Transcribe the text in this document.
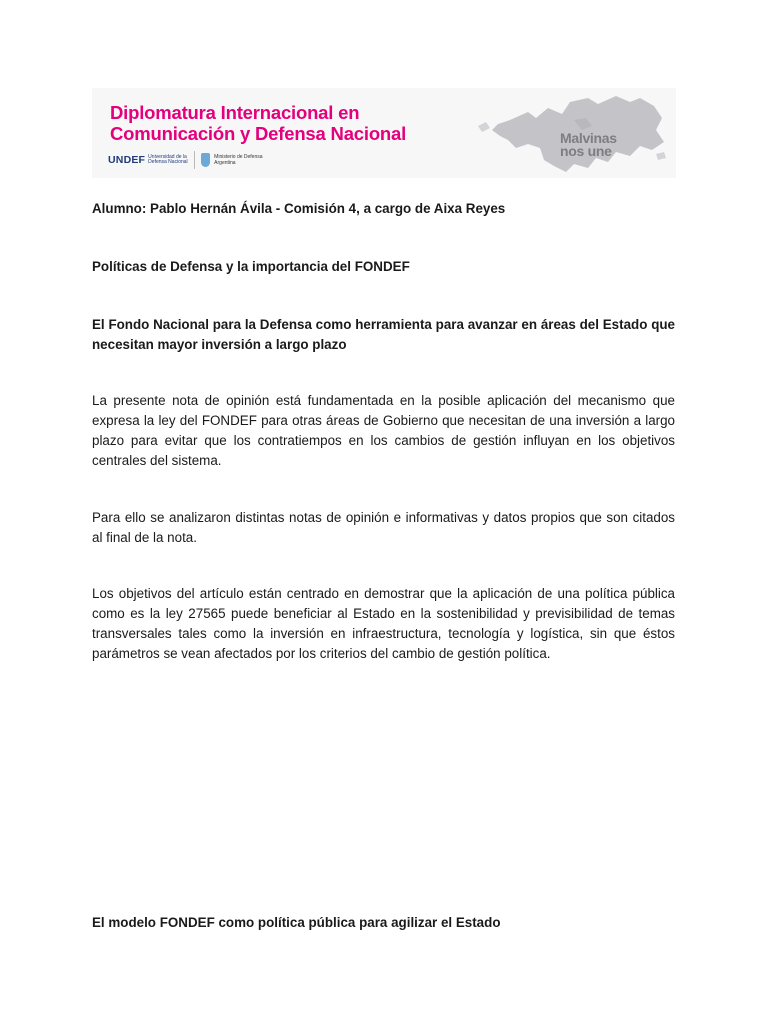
Diplomatura Internacional en
Comunicación y Defensa Nacional
UNDEF Universidad de la Defensa Nacional
Ministerio de Defensa Argentina
Malvinas
nos une
Alumno: Pablo Hernán Ávila - Comisión 4, a cargo de Aixa Reyes
Políticas de Defensa y la importancia del FONDEF
El Fondo Nacional para la Defensa como herramienta para avanzar en áreas del Estado que necesitan mayor inversión a largo plazo
La presente nota de opinión está fundamentada en la posible aplicación del mecanismo que expresa la ley del FONDEF para otras áreas de Gobierno que necesitan de una inversión a largo plazo para evitar que los contratiempos en los cambios de gestión influyan en los objetivos centrales del sistema.
Para ello se analizaron distintas notas de opinión e informativas y datos propios que son citados al final de la nota.
Los objetivos del artículo están centrado en demostrar que la aplicación de una política pública como es la ley 27565 puede beneficiar al Estado en la sostenibilidad y previsibilidad de temas transversales tales como la inversión en infraestructura, tecnología y logística, sin que éstos parámetros se vean afectados por los criterios del cambio de gestión política.
El modelo FONDEF como política pública para agilizar el Estado
